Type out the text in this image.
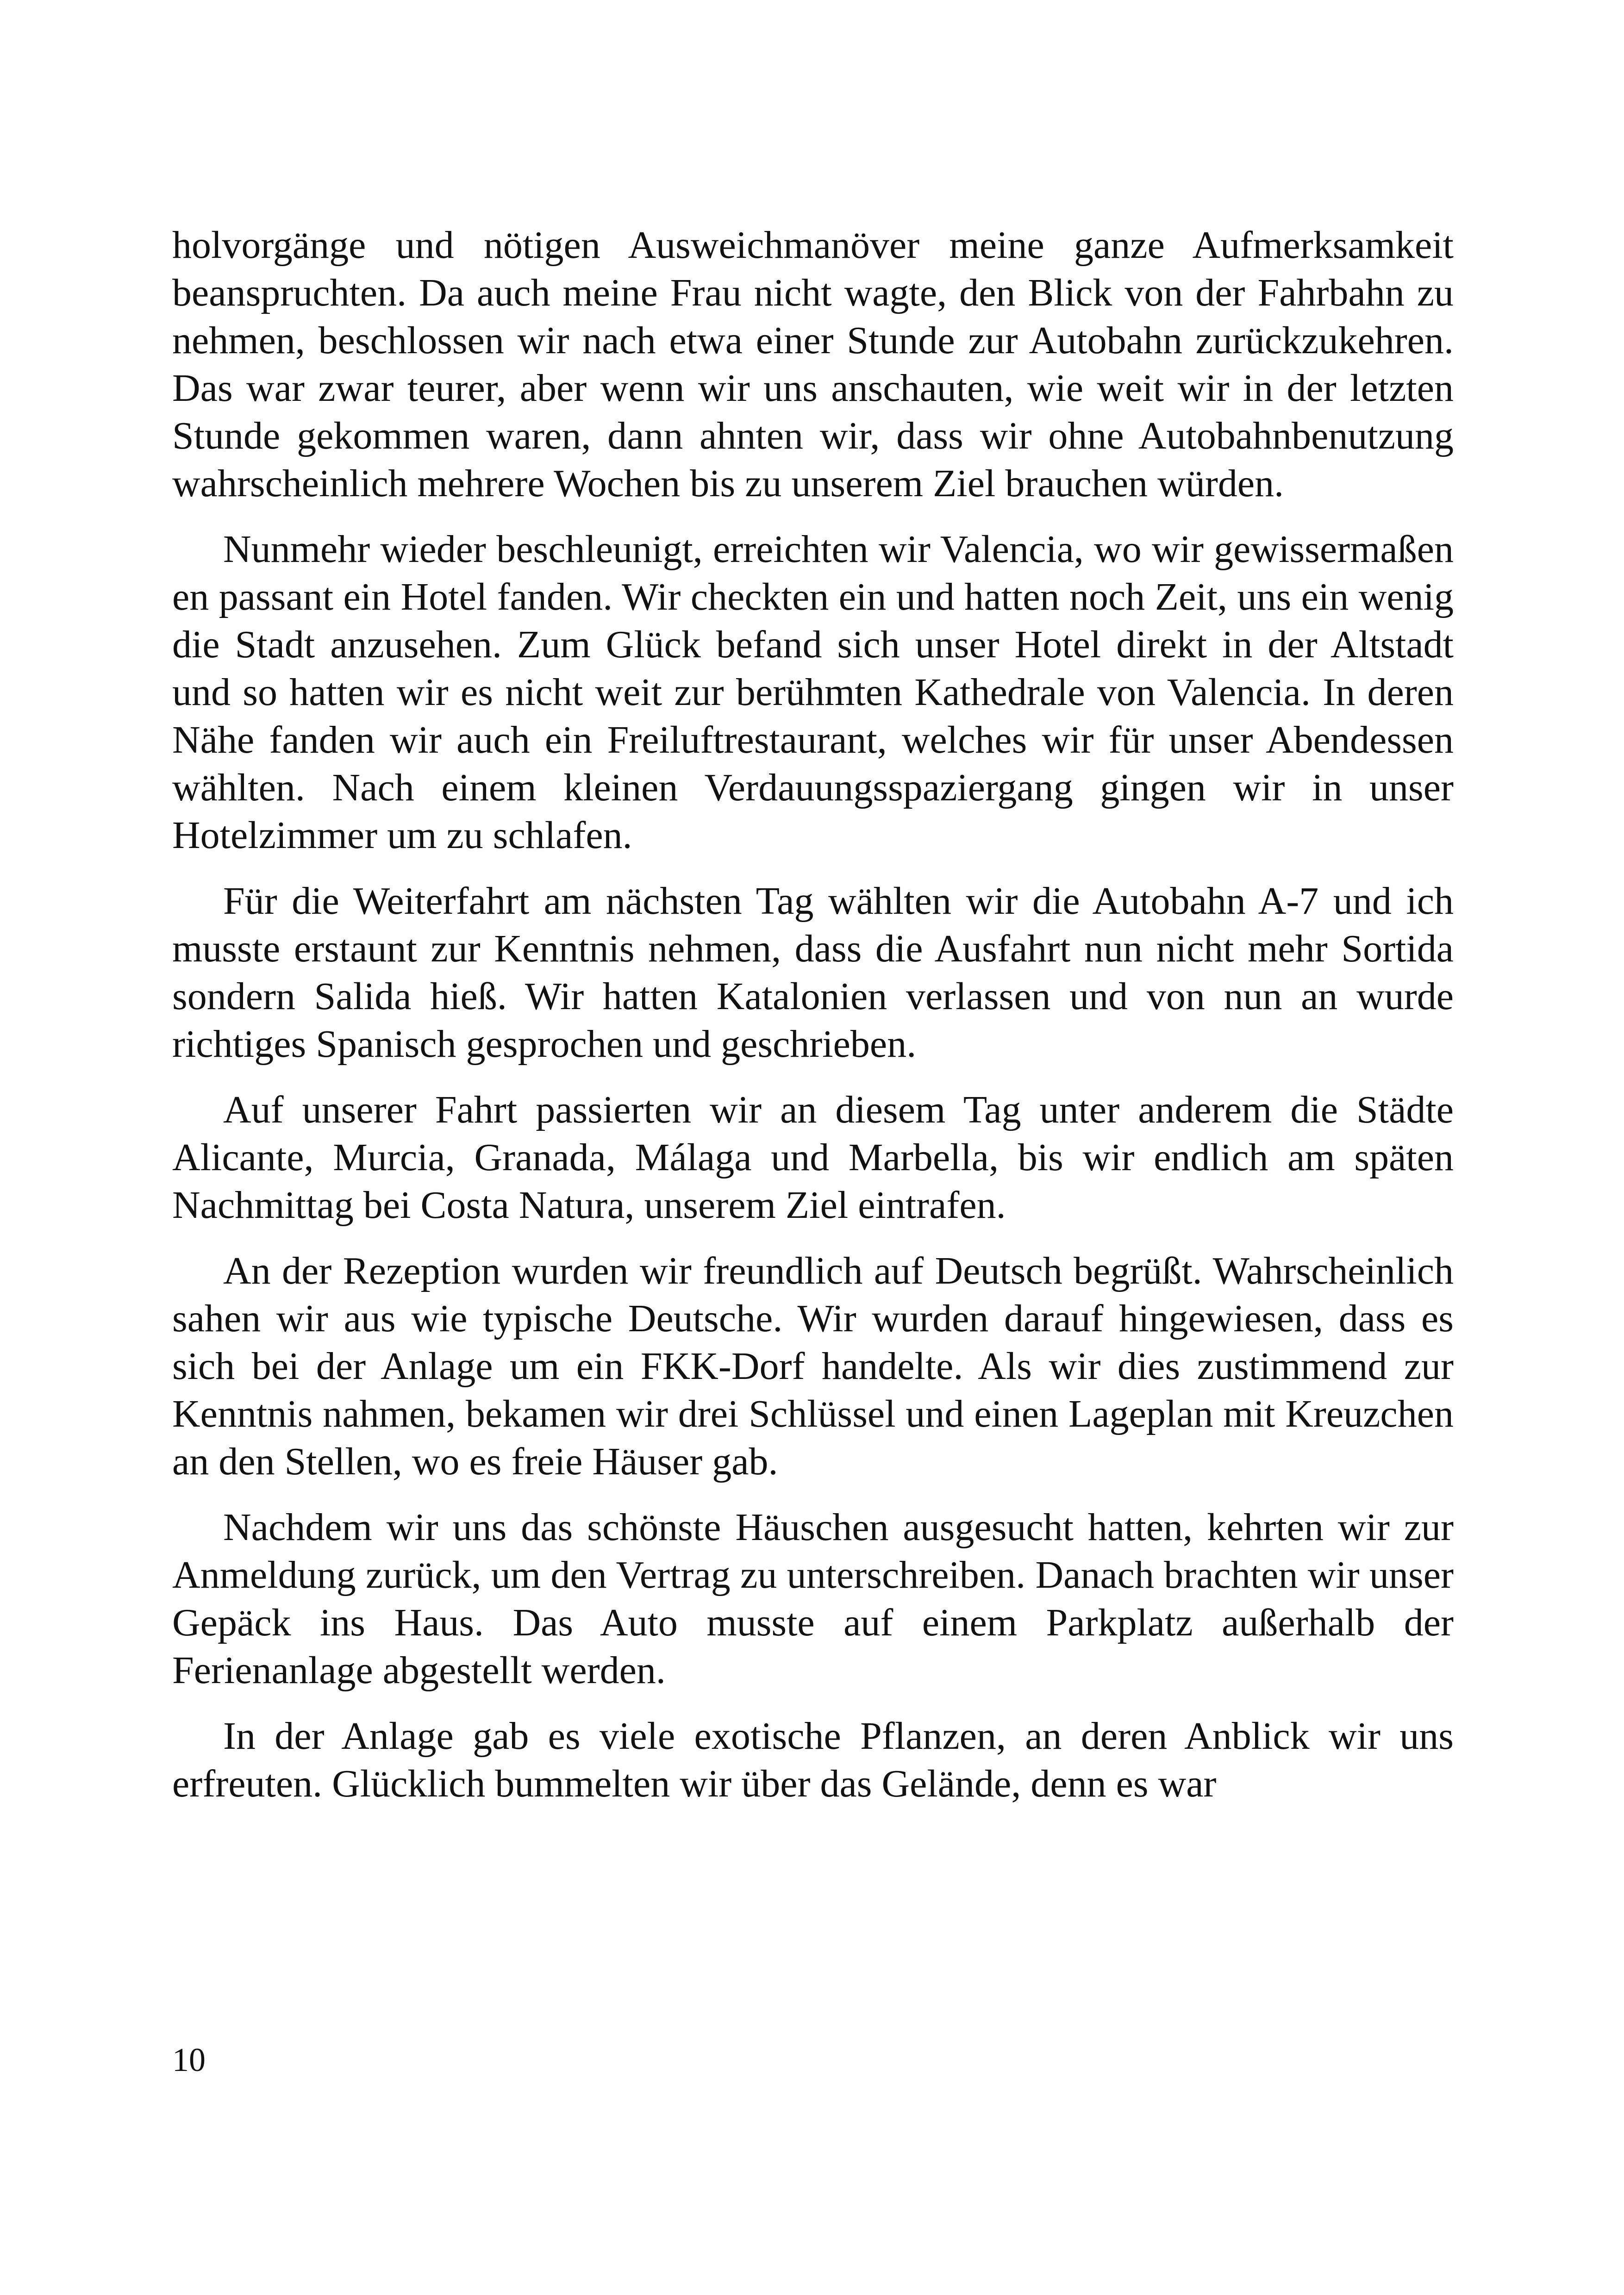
holvorgänge und nötigen Ausweichmanöver meine ganze Aufmerksamkeit beanspruchten. Da auch meine Frau nicht wagte, den Blick von der Fahrbahn zu nehmen, beschlossen wir nach etwa einer Stunde zur Autobahn zurückzukehren. Das war zwar teurer, aber wenn wir uns anschauten, wie weit wir in der letzten Stunde gekommen waren, dann ahnten wir, dass wir ohne Autobahnbenutzung wahrscheinlich mehrere Wochen bis zu unserem Ziel brauchen würden.

Nunmehr wieder beschleunigt, erreichten wir Valencia, wo wir gewissermaßen en passant ein Hotel fanden. Wir checkten ein und hatten noch Zeit, uns ein wenig die Stadt anzusehen. Zum Glück befand sich unser Hotel direkt in der Altstadt und so hatten wir es nicht weit zur berühmten Kathedrale von Valencia. In deren Nähe fanden wir auch ein Freiluftrestaurant, welches wir für unser Abendessen wählten. Nach einem kleinen Verdauungsspaziergang gingen wir in unser Hotelzimmer um zu schlafen.

Für die Weiterfahrt am nächsten Tag wählten wir die Autobahn A-7 und ich musste erstaunt zur Kenntnis nehmen, dass die Ausfahrt nun nicht mehr Sortida sondern Salida hieß. Wir hatten Katalonien verlassen und von nun an wurde richtiges Spanisch gesprochen und geschrieben.

Auf unserer Fahrt passierten wir an diesem Tag unter anderem die Städte Alicante, Murcia, Granada, Málaga und Marbella, bis wir endlich am späten Nachmittag bei Costa Natura, unserem Ziel eintrafen.

An der Rezeption wurden wir freundlich auf Deutsch begrüßt. Wahrscheinlich sahen wir aus wie typische Deutsche. Wir wurden darauf hingewiesen, dass es sich bei der Anlage um ein FKK-Dorf handelte. Als wir dies zustimmend zur Kenntnis nahmen, bekamen wir drei Schlüssel und einen Lageplan mit Kreuzchen an den Stellen, wo es freie Häuser gab.

Nachdem wir uns das schönste Häuschen ausgesucht hatten, kehrten wir zur Anmeldung zurück, um den Vertrag zu unterschreiben. Danach brachten wir unser Gepäck ins Haus. Das Auto musste auf einem Parkplatz außerhalb der Ferienanlage abgestellt werden.

In der Anlage gab es viele exotische Pflanzen, an deren Anblick wir uns erfreuten. Glücklich bummelten wir über das Gelände, denn es war

10
